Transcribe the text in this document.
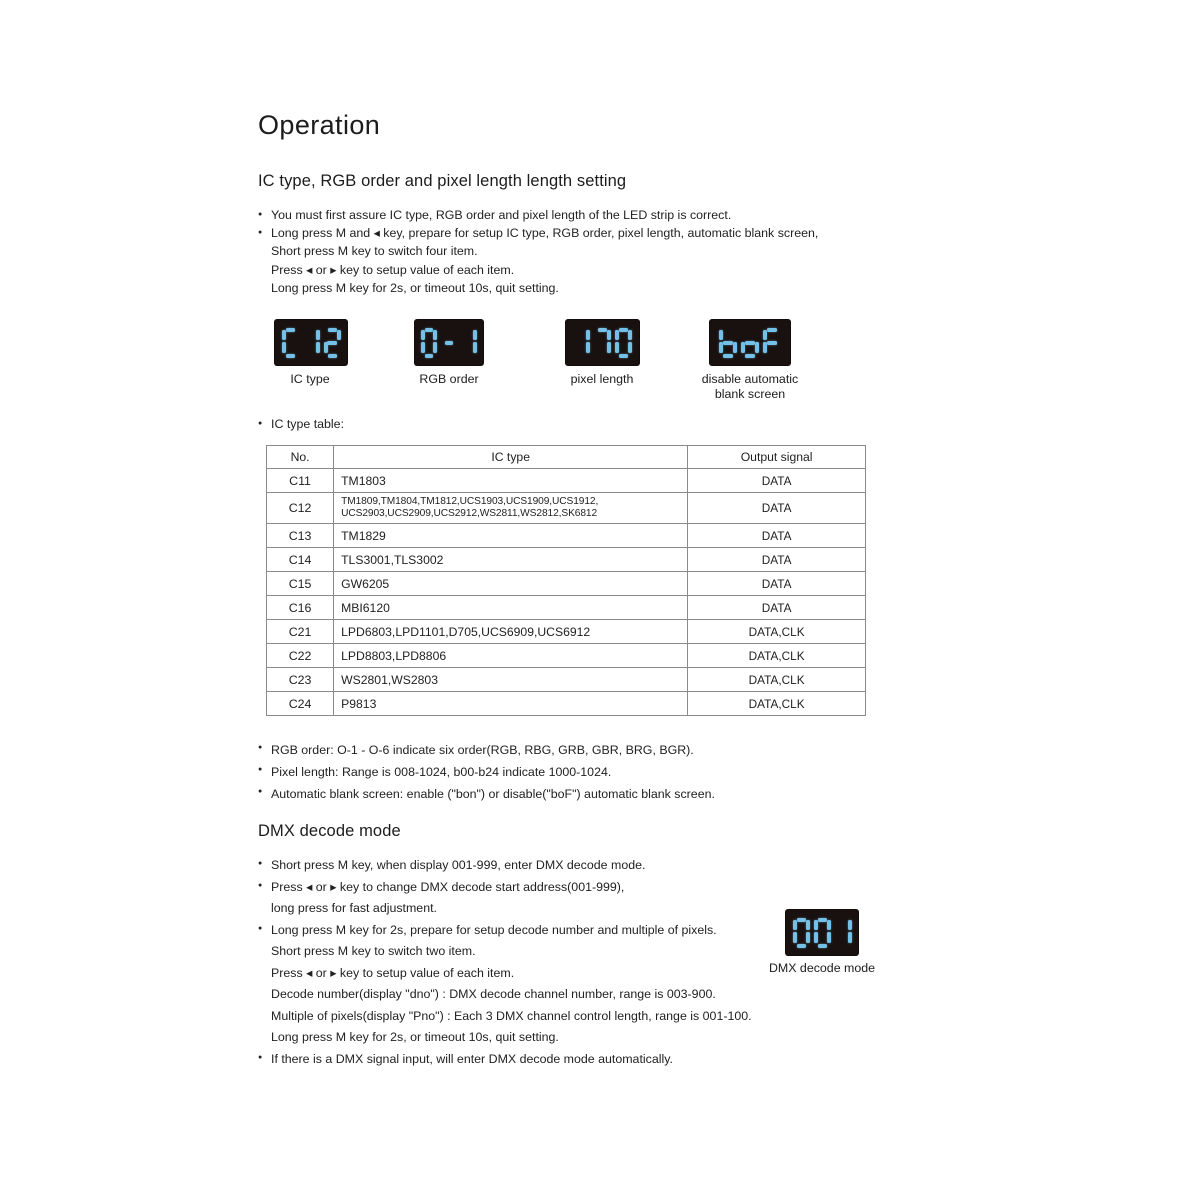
Operation
IC type, RGB order and pixel length length setting
● You must first assure IC type, RGB order and pixel length of the LED strip is correct.
● Long press M and ◂ key, prepare for setup IC type, RGB order, pixel length, automatic blank screen,
Short press M key to switch four item.
Press ◂ or ▸ key to setup value of each item.
Long press M key for 2s, or timeout 10s, quit setting.
IC type	RGB order	pixel length	disable automatic
blank screen
● IC type table:
No.	IC type	Output signal
C11	TM1803	DATA
C12	TM1809,TM1804,TM1812,UCS1903,UCS1909,UCS1912,
UCS2903,UCS2909,UCS2912,WS2811,WS2812,SK6812	DATA
C13	TM1829	DATA
C14	TLS3001,TLS3002	DATA
C15	GW6205	DATA
C16	MBI6120	DATA
C21	LPD6803,LPD1101,D705,UCS6909,UCS6912	DATA,CLK
C22	LPD8803,LPD8806	DATA,CLK
C23	WS2801,WS2803	DATA,CLK
C24	P9813	DATA,CLK
● RGB order: O-1 - O-6 indicate six order(RGB, RBG, GRB, GBR, BRG, BGR).
● Pixel length: Range is 008-1024, b00-b24 indicate 1000-1024.
● Automatic blank screen: enable ("bon") or disable("boF") automatic blank screen.
DMX decode mode
● Short press M key, when display 001-999, enter DMX decode mode.
● Press ◂ or ▸ key to change DMX decode start address(001-999),
long press for fast adjustment.
● Long press M key for 2s, prepare for setup decode number and multiple of pixels.
Short press M key to switch two item.
Press ◂ or ▸ key to setup value of each item.
Decode number(display "dno") : DMX decode channel number, range is 003-900.
Multiple of pixels(display "Pno") : Each 3 DMX channel control length, range is 001-100.
Long press M key for 2s, or timeout 10s, quit setting.
● If there is a DMX signal input, will enter DMX decode mode automatically.
DMX decode mode
